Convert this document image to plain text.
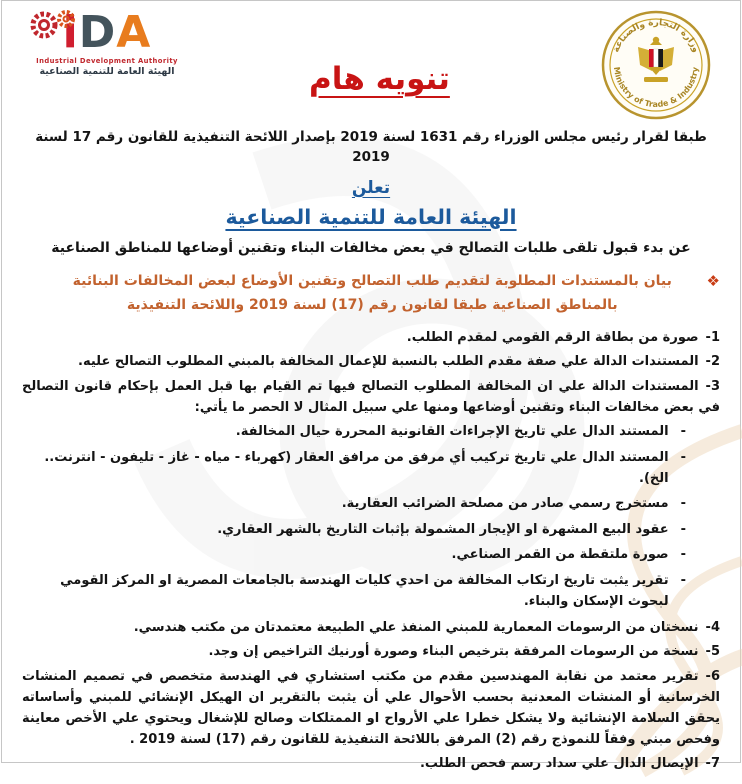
iDA
Industrial Development Authority
الهيئة العامة للتنمية الصناعية	تنويه هام
وزارة التجارة والصناعة
Ministry of Trade & Industry
طبقا لقرار رئيس مجلس الوزراء رقم 1631 لسنة 2019 بإصدار اللائحة التنفيذية للقانون رقم 17 لسنة 2019
تعلن
الهيئة العامة للتنمية الصناعية
عن بدء قبول تلقى طلبات التصالح في بعض مخالفات البناء وتقنين أوضاعها للمناطق الصناعية
❖
بيان بالمستندات المطلوبة لتقديم طلب التصالح وتقنين الأوضاع لبعض المخالفات البنائية بالمناطق الصناعية طبقا لقانون رقم (17) لسنة 2019 واللائحة التنفيذية
1-صورة من بطاقة الرقم القومي لمقدم الطلب.
2-المستندات الدالة علي صفة مقدم الطلب بالنسبة للإعمال المخالفة بالمبني المطلوب التصالح عليه.
3-المستندات الدالة علي ان المخالفة المطلوب التصالح فيها تم القيام بها قبل العمل بإحكام قانون التصالح في بعض مخالفات البناء وتقنين أوضاعها ومنها علي سبيل المثال لا الحصر ما يأتي:
-
المستند الدال علي تاريخ الإجراءات القانونية المحررة حيال المخالفة.
-
المستند الدال علي تاريخ تركيب أي مرفق من مرافق العقار (كهرباء - مياه - غاز - تليفون - انترنت.. الخ).
-
مستخرج رسمي صادر من مصلحة الضرائب العقارية.
-
عقود البيع المشهرة او الإيجار المشمولة بإثبات التاريخ بالشهر العقاري.
-
صورة ملتقطة من القمر الصناعي.
-
تقرير يثبت تاريخ ارتكاب المخالفة من احدي كليات الهندسة بالجامعات المصرية او المركز القومي لبحوث الإسكان والبناء.
4-نسختان من الرسومات المعمارية للمبني المنفذ علي الطبيعة معتمدتان من مكتب هندسي.
5-نسخة من الرسومات المرفقة بترخيص البناء وصورة أورنيك التراخيص إن وجد.
6-تقرير معتمد من نقابة المهندسين مقدم من مكتب استشاري في الهندسة متخصص في تصميم المنشات الخرسانية أو المنشات المعدنية بحسب الأحوال علي أن يثبت بالتقرير ان الهيكل الإنشائي للمبني وأساساته يحقق السلامة الإنشائية ولا يشكل خطرا علي الأرواح او الممتلكات وصالح للإشغال ويحتوي علي الأخص معاينة وفحص مبني وفقاً للنموذج رقم (2) المرفق باللائحة التنفيذية للقانون رقم (17) لسنة 2019 .
7-الإيصال الدال علي سداد رسم فحص الطلب.
